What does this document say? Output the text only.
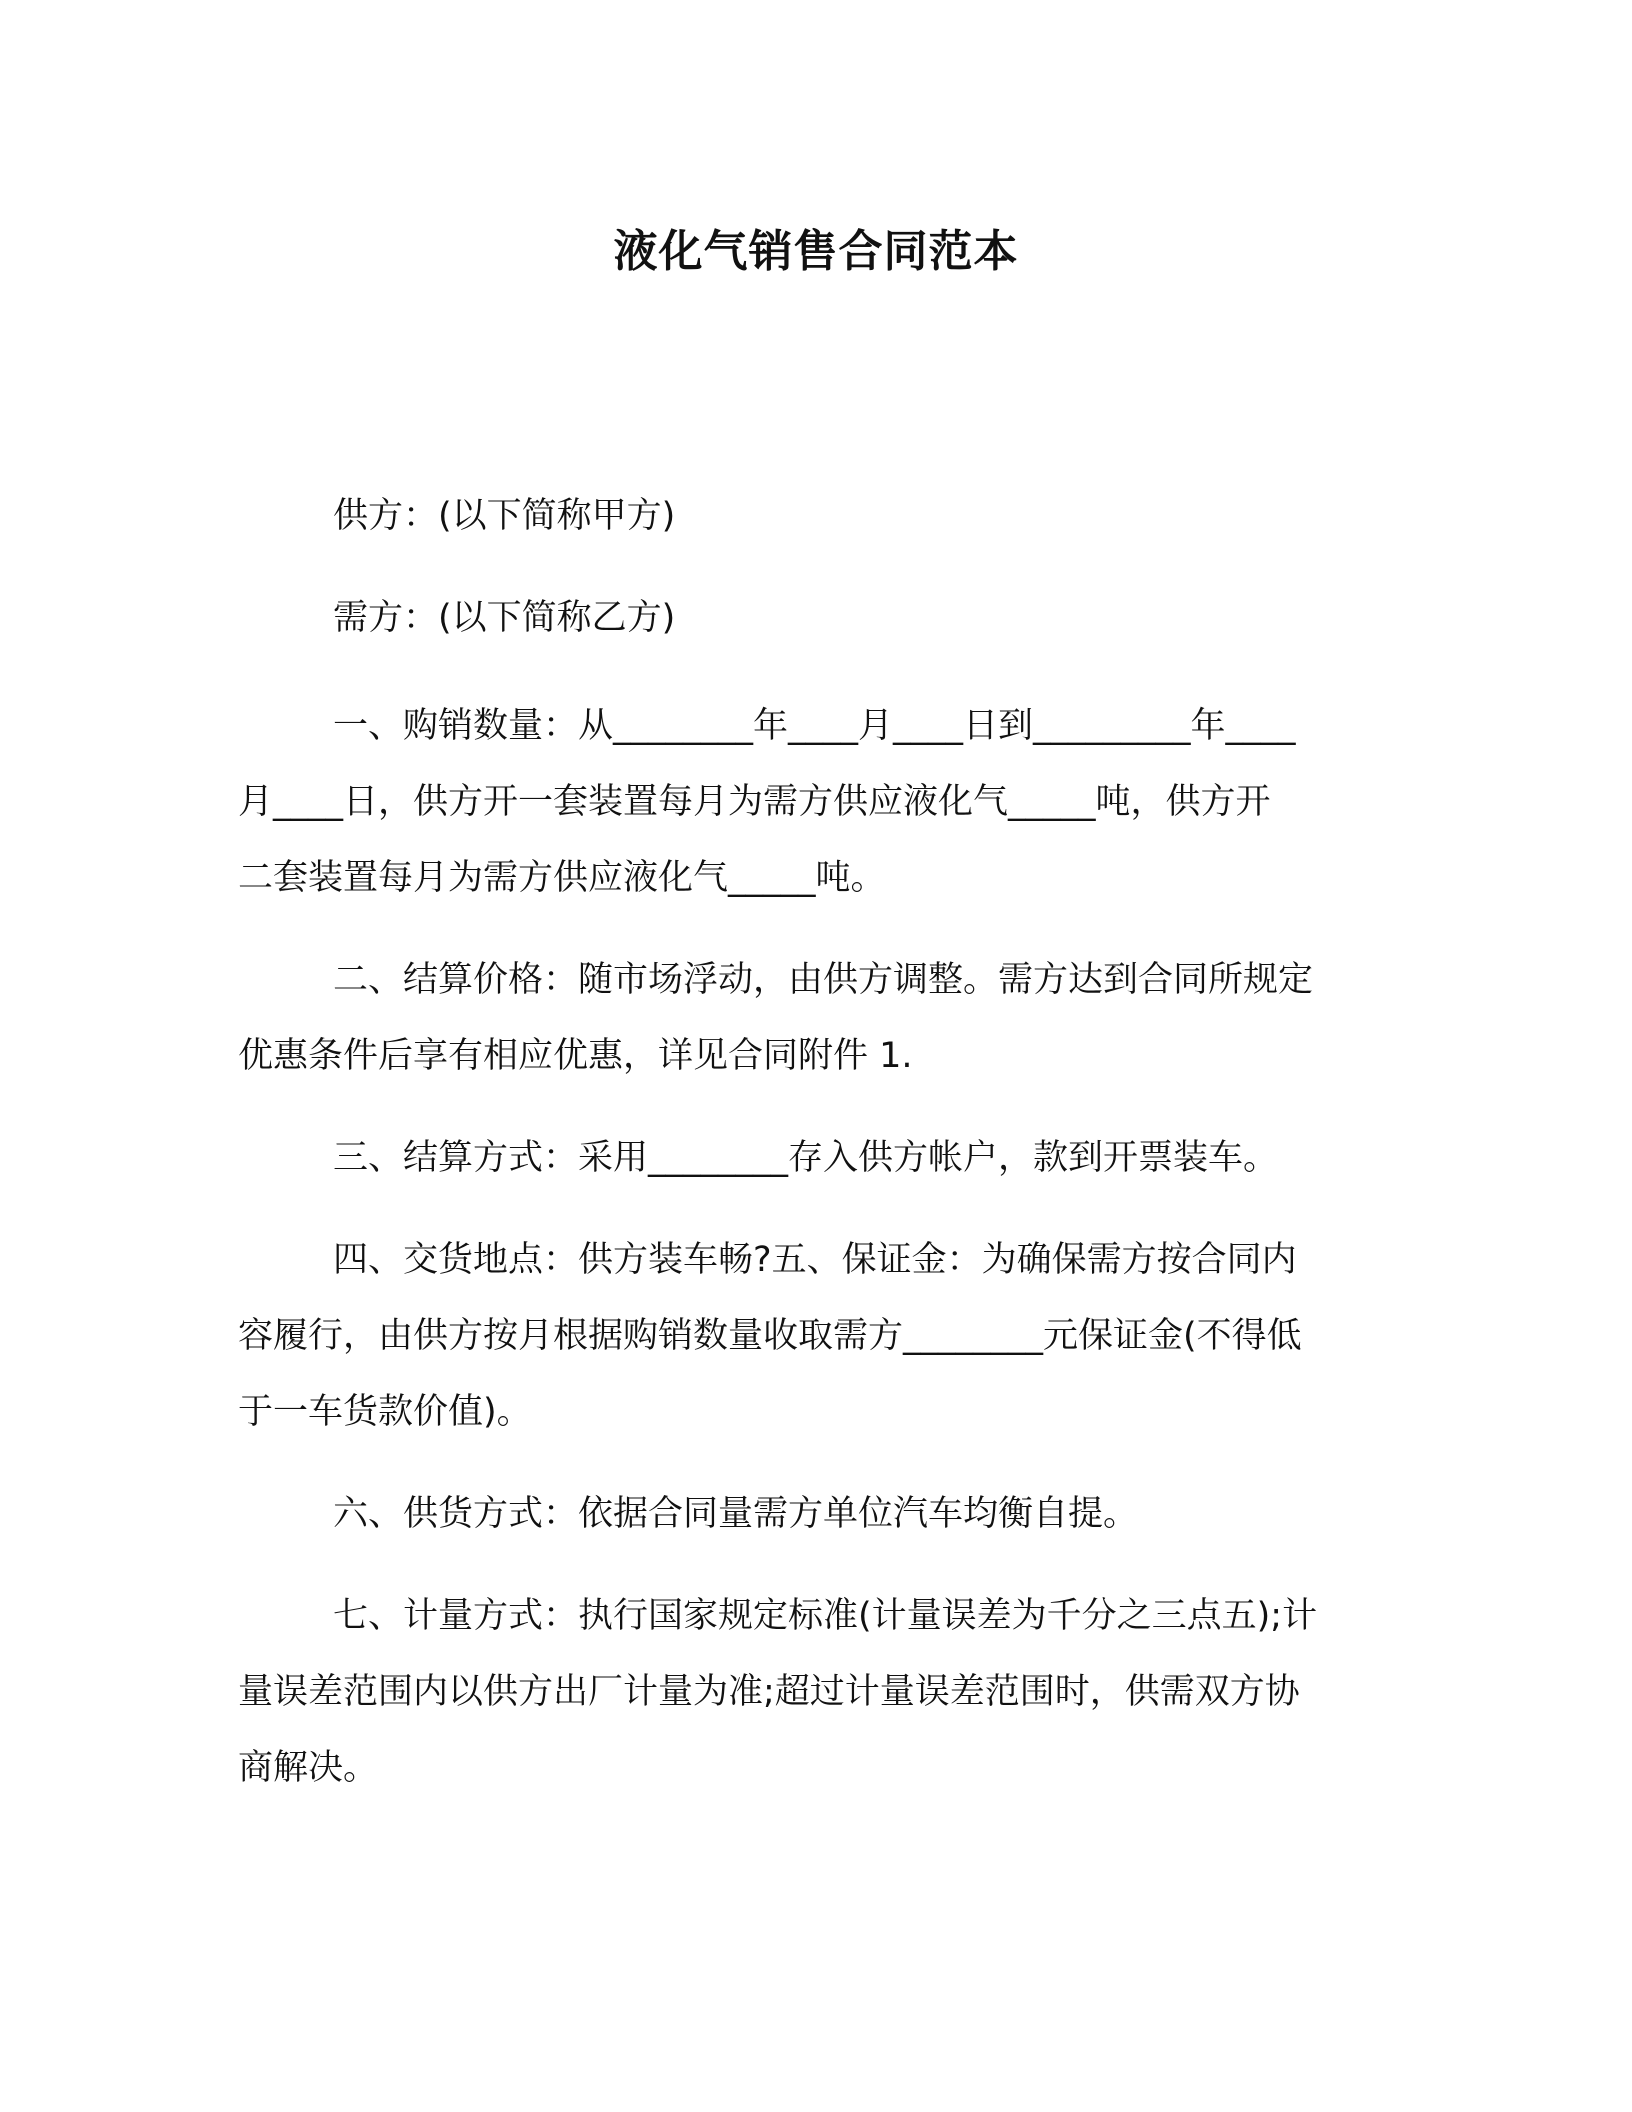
液化气销售合同范本
供方：(以下简称甲方)
需方：(以下简称乙方)
一、购销数量：从________年____月____日到_________年____
月____日，供方开一套装置每月为需方供应液化气_____吨，供方开
二套装置每月为需方供应液化气_____吨。
二、结算价格：随市场浮动，由供方调整。需方达到合同所规定
优惠条件后享有相应优惠，详见合同附件 1.
三、结算方式：采用________存入供方帐户，款到开票装车。
四、交货地点：供方装车畅?五、保证金：为确保需方按合同内
容履行，由供方按月根据购销数量收取需方________元保证金(不得低
于一车货款价值)。
六、供货方式：依据合同量需方单位汽车均衡自提。
七、计量方式：执行国家规定标准(计量误差为千分之三点五);计
量误差范围内以供方出厂计量为准;超过计量误差范围时，供需双方协
商解决。
